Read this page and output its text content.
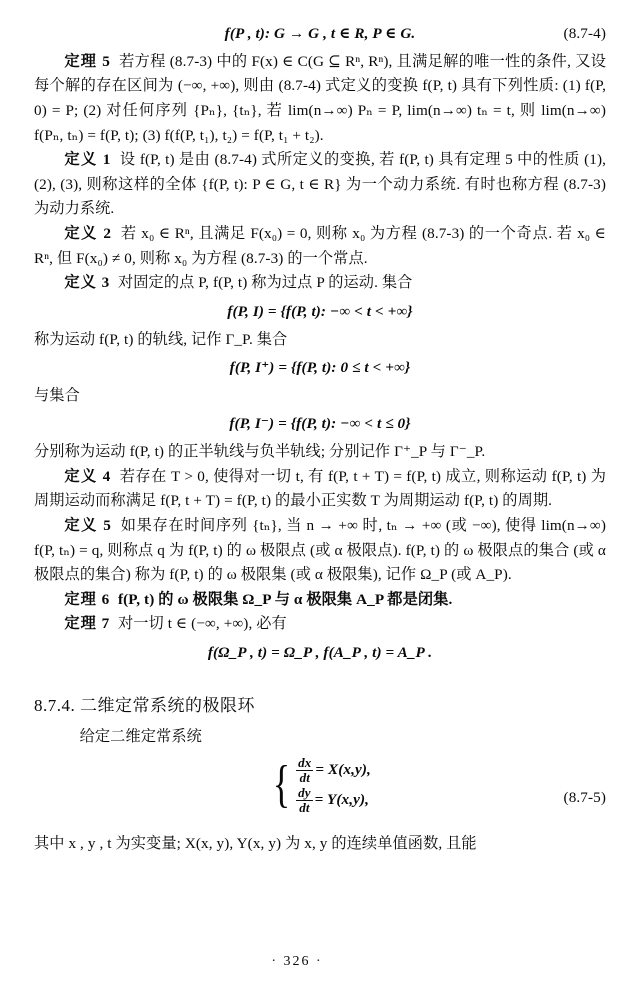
f(P , t): G → G , t ∈ R, P ∈ G.	(8.7-4)

定理 5 若方程 (8.7-3) 中的 F(x) ∈ C(G ⊆ Rⁿ, Rⁿ), 且满足解的唯一性的条件, 又设每个解的存在区间为 (−∞, +∞), 则由 (8.7-4) 式定义的变换 f(P, t) 具有下列性质: (1) f(P, 0) = P; (2) 对任何序列 {Pₙ}, {tₙ}, 若 lim(n→∞) Pₙ = P, lim(n→∞) tₙ = t, 则 lim(n→∞) f(Pₙ, tₙ) = f(P, t); (3) f(f(P, t₁), t₂) = f(P, t₁ + t₂).

定义 1 设 f(P, t) 是由 (8.7-4) 式所定义的变换, 若 f(P, t) 具有定理 5 中的性质 (1), (2), (3), 则称这样的全体 {f(P, t): P ∈ G, t ∈ R} 为一个动力系统. 有时也称方程 (8.7-3) 为动力系统.

定义 2 若 x₀ ∈ Rⁿ, 且满足 F(x₀) = 0, 则称 x₀ 为方程 (8.7-3) 的一个奇点. 若 x₀ ∈ Rⁿ, 但 F(x₀) ≠ 0, 则称 x₀ 为方程 (8.7-3) 的一个常点.

定义 3 对固定的点 P, f(P, t) 称为过点 P 的运动. 集合

f(P, I) = {f(P, t): −∞ < t < +∞}

称为运动 f(P, t) 的轨线, 记作 Γ_P. 集合

f(P, I⁺) = {f(P, t): 0 ≤ t < +∞}

与集合

f(P, I⁻) = {f(P, t): −∞ < t ≤ 0}

分别称为运动 f(P, t) 的正半轨线与负半轨线; 分别记作 Γ⁺_P 与 Γ⁻_P.

定义 4 若存在 T > 0, 使得对一切 t, 有 f(P, t + T) = f(P, t) 成立, 则称运动 f(P, t) 为周期运动而称满足 f(P, t + T) = f(P, t) 的最小正实数 T 为周期运动 f(P, t) 的周期.

定义 5 如果存在时间序列 {tₙ}, 当 n → +∞ 时, tₙ → +∞ (或 −∞), 使得 lim(n→∞) f(P, tₙ) = q, 则称点 q 为 f(P, t) 的 ω 极限点 (或 α 极限点). f(P, t) 的 ω 极限点的集合 (或 α 极限点的集合) 称为 f(P, t) 的 ω 极限集 (或 α 极限集), 记作 Ω_P (或 A_P).

定理 6 f(P, t) 的 ω 极限集 Ω_P 与 α 极限集 A_P 都是闭集.

定理 7 对一切 t ∈ (−∞, +∞), 必有

f(Ω_P , t) = Ω_P , f(A_P , t) = A_P .
8.7.4. 二维定常系统的极限环

给定二维定常系统

{ $\frac{dx}{dt} = X(x,y)$,
$\frac{dy}{dt} = Y(x,y)$,	(8.7-5)

其中 x , y , t 为实变量; X(x, y), Y(x, y) 为 x, y 的连续单值函数, 且能

· 326 ·
